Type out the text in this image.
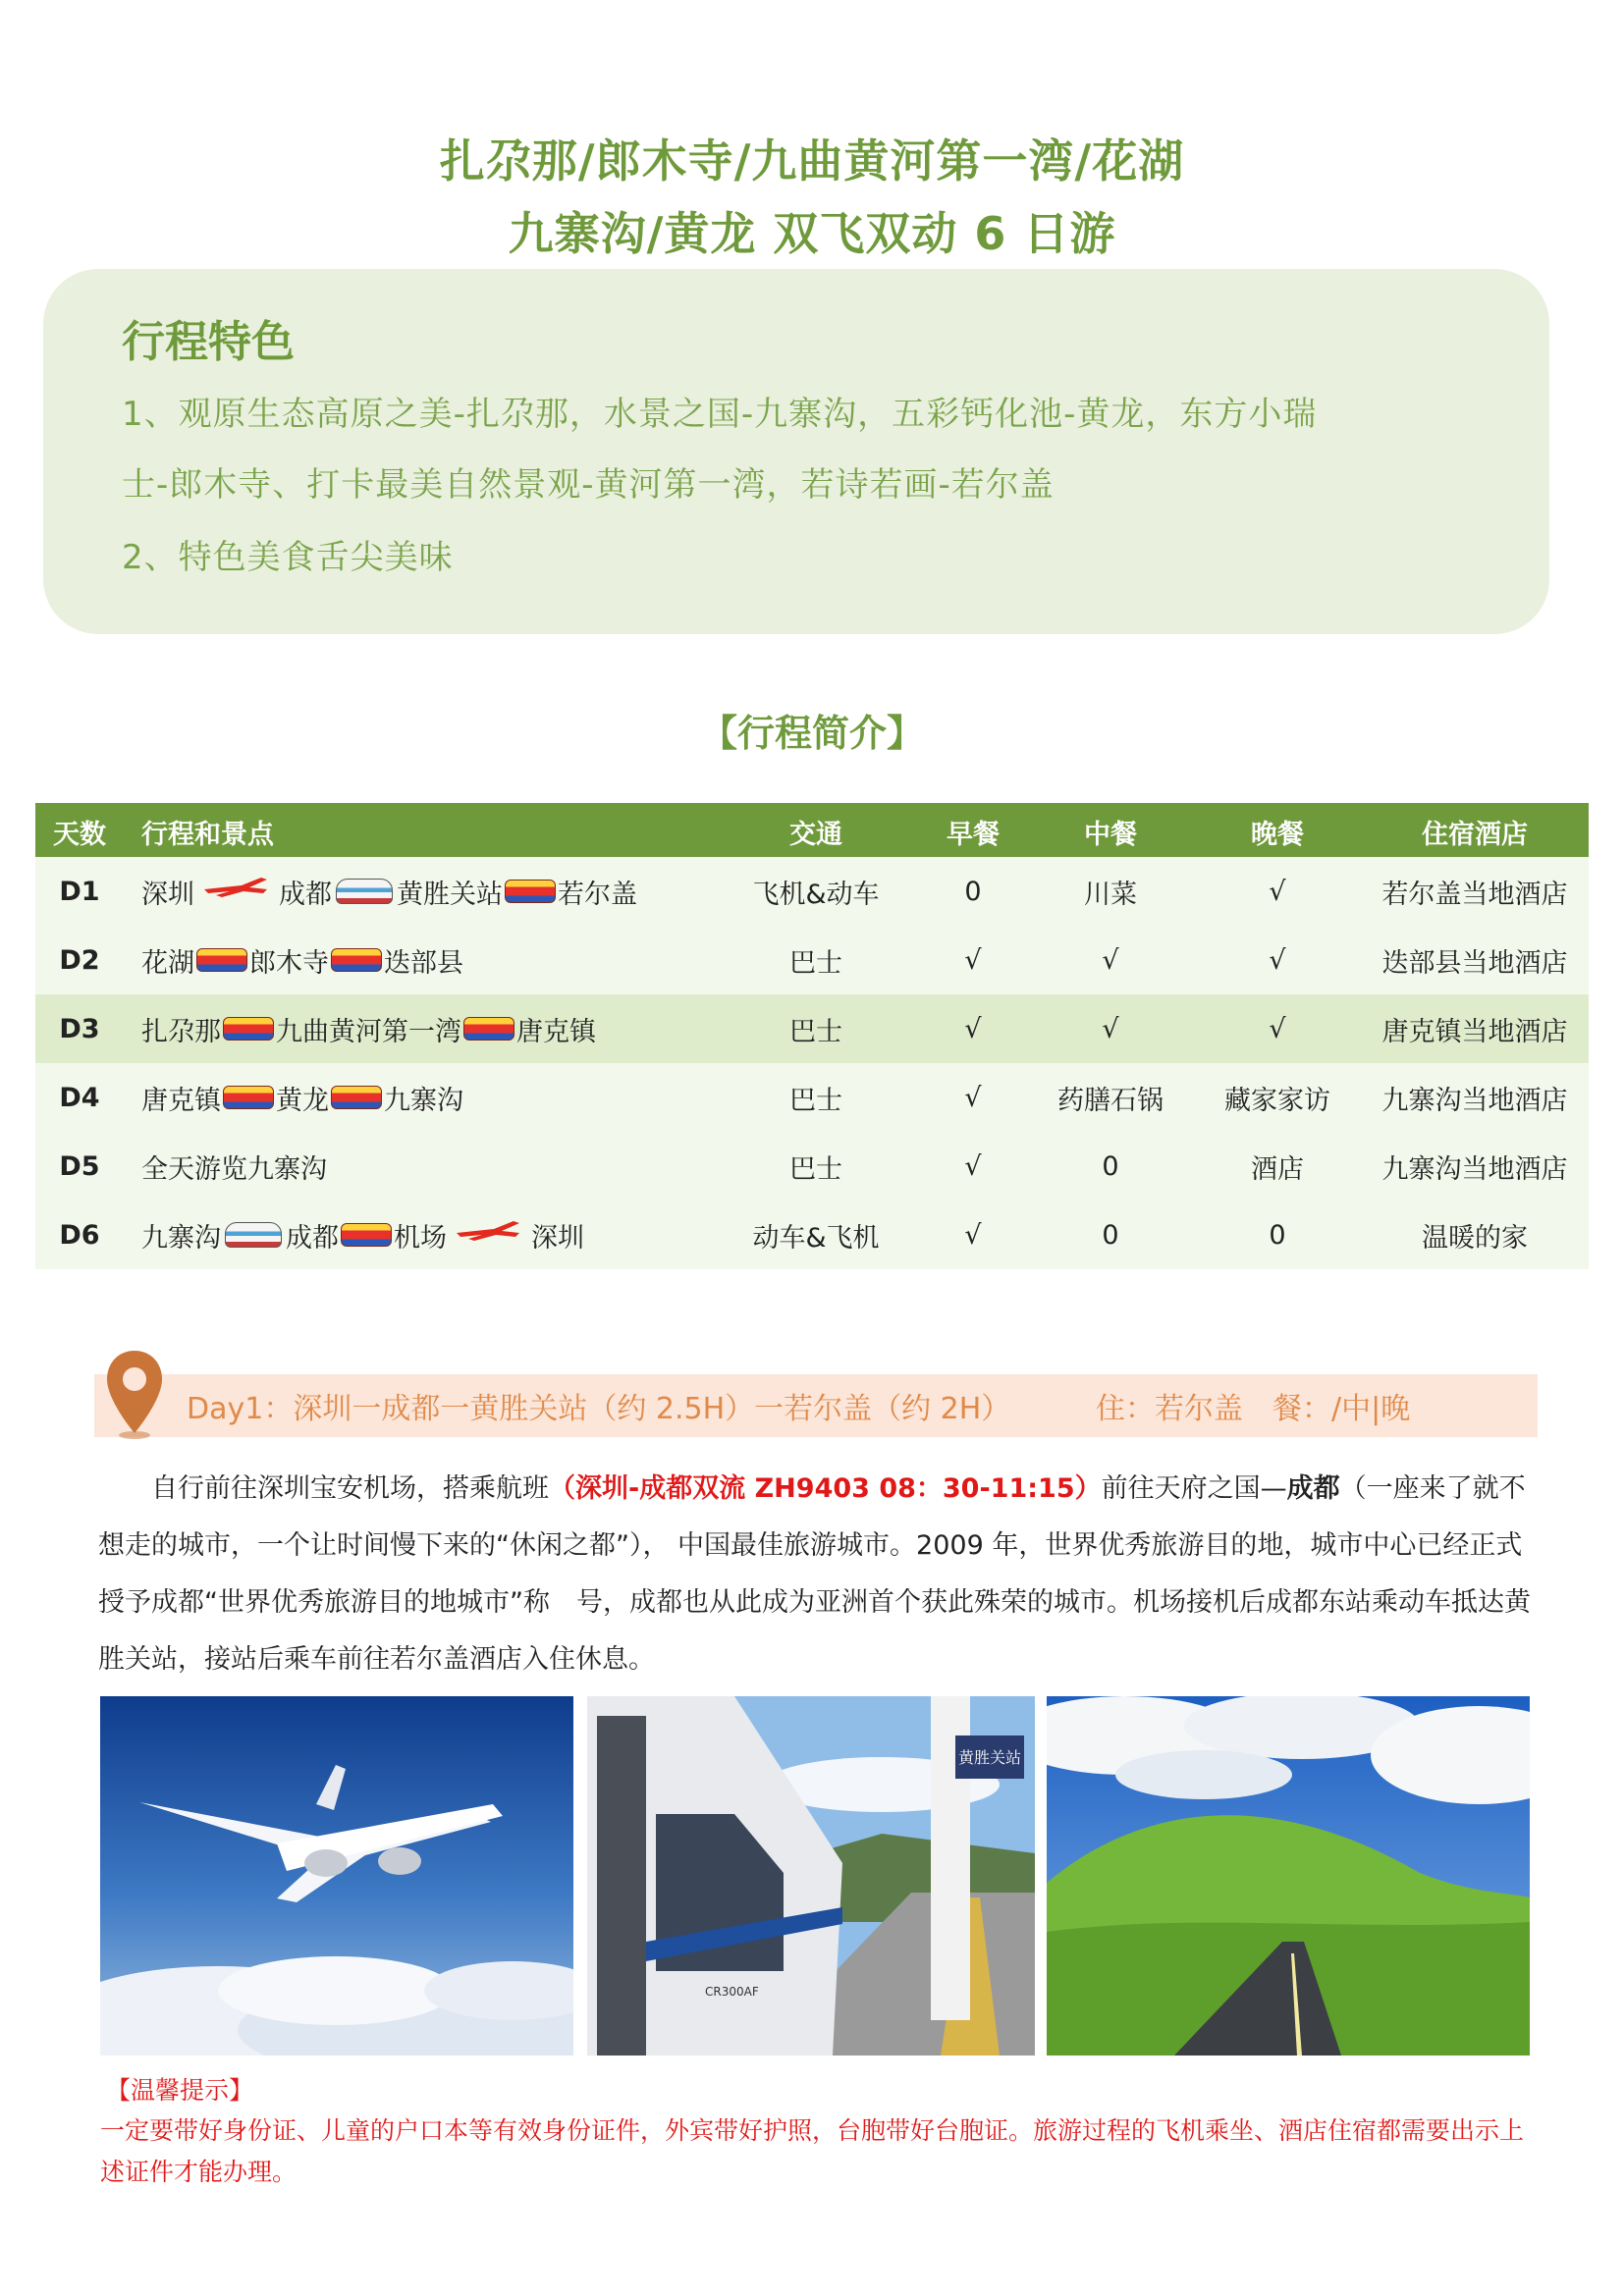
扎尕那/郎木寺/九曲黄河第一湾/花湖
九寨沟/黄龙 双飞双动 6 日游
行程特色
1、观原生态高原之美-扎尕那，水景之国-九寨沟，五彩钙化池-黄龙，东方小瑞
士-郎木寺、打卡最美自然景观-黄河第一湾，若诗若画-若尔盖
2、特色美食舌尖美味
【行程简介】
天数	行程和景点	交通	早餐	中餐	晚餐	住宿酒店
D1	深圳	成都 黄胜关站 若尔盖	飞机&动车	0	川菜	√	若尔盖当地酒店
D2	花湖 郎木寺 迭部县	巴士	√	√	√	迭部县当地酒店
D3	扎尕那 九曲黄河第一湾 唐克镇	巴士	√	√	√	唐克镇当地酒店
D4	唐克镇 黄龙 九寨沟	巴士	√	药膳石锅	藏家家访	九寨沟当地酒店
D5	全天游览九寨沟	巴士	√	0	酒店	九寨沟当地酒店
D6	九寨沟 成都 机场	深圳	动车&飞机	√	0	0	温暖的家
Day1：深圳一成都一黄胜关站（约 2.5H）一若尔盖（约 2H）	住：若尔盖　餐：/中|晚
　　自行前往深圳宝安机场，搭乘航班（深圳-成都双流 ZH9403 08：30-11:15）前往天府之国—成都（一座来了就不想走的城市，一个让时间慢下来的“休闲之都”）， 中国最佳旅游城市。2009 年，世界优秀旅游目的地，城市中心已经正式授予成都“世界优秀旅游目的地城市”称　号，成都也从此成为亚洲首个获此殊荣的城市。机场接机后成都东站乘动车抵达黄胜关站，接站后乘车前往若尔盖酒店入住休息。
黄胜关站
CR300AF
【温馨提示】
一定要带好身份证、儿童的户口本等有效身份证件，外宾带好护照，台胞带好台胞证。旅游过程的飞机乘坐、酒店住宿都需要出示上述证件才能办理。
